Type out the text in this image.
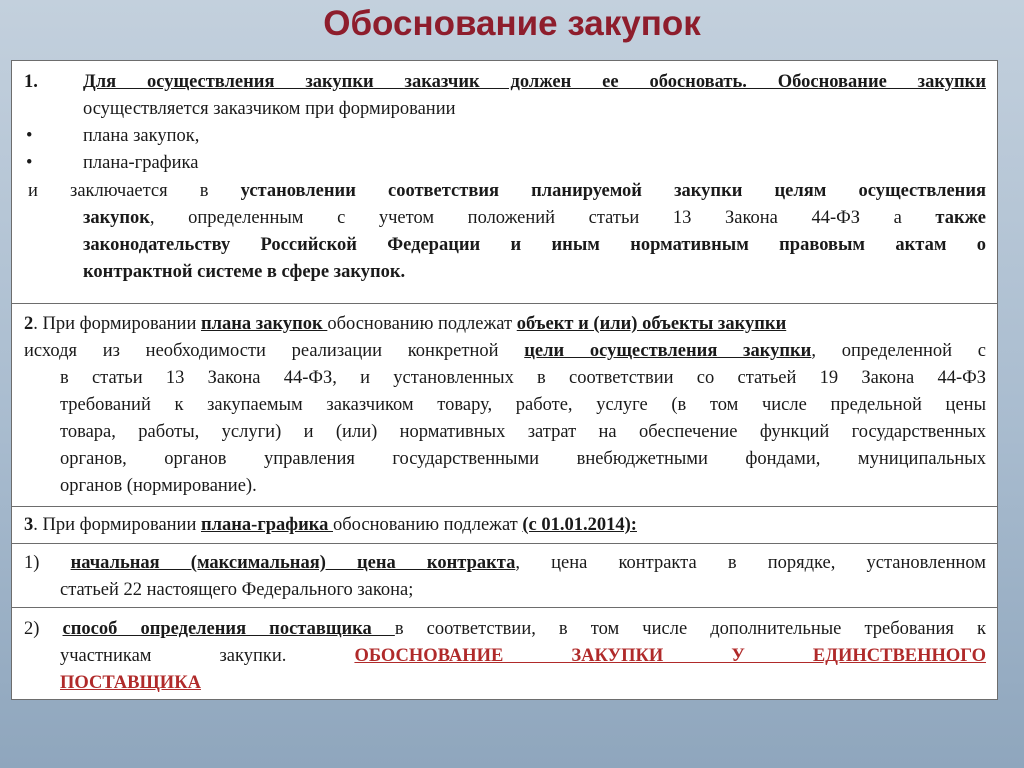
Обоснование закупок
1. Для осуществления закупки заказчик должен ее обосновать. Обоснование закупки
осуществляется заказчиком при формировании
•	плана закупок,
•	плана-графика
и заключается в установлении соответствия планируемой закупки целям осуществления
закупок, определенным с учетом положений статьи 13 Закона 44-ФЗ а также
законодательству Российской Федерации и иным нормативным правовым актам о
контрактной системе в сфере закупок.
2. При формировании плана закупок обоснованию подлежат объект и (или) объекты закупки
исходя из необходимости реализации конкретной цели осуществления закупки, определенной с
в статьи 13 Закона 44-ФЗ, и установленных в соответствии со статьей 19 Закона 44-ФЗ
требований к закупаемым заказчиком товару, работе, услуге (в том числе предельной цены
товара, работы, услуги) и (или) нормативных затрат на обеспечение функций государственных
органов, органов управления государственными внебюджетными фондами, муниципальных
органов (нормирование).
3. При формировании плана-графика обоснованию подлежат (с 01.01.2014):
1) начальная (максимальная) цена контракта, цена контракта в порядке, установленном
статьей 22 настоящего Федерального закона;
2) способ определения поставщика в соответствии, в том числе дополнительные требования к
участникам закупки. ОБОСНОВАНИЕ ЗАКУПКИ У ЕДИНСТВЕННОГО
ПОСТАВЩИКА
